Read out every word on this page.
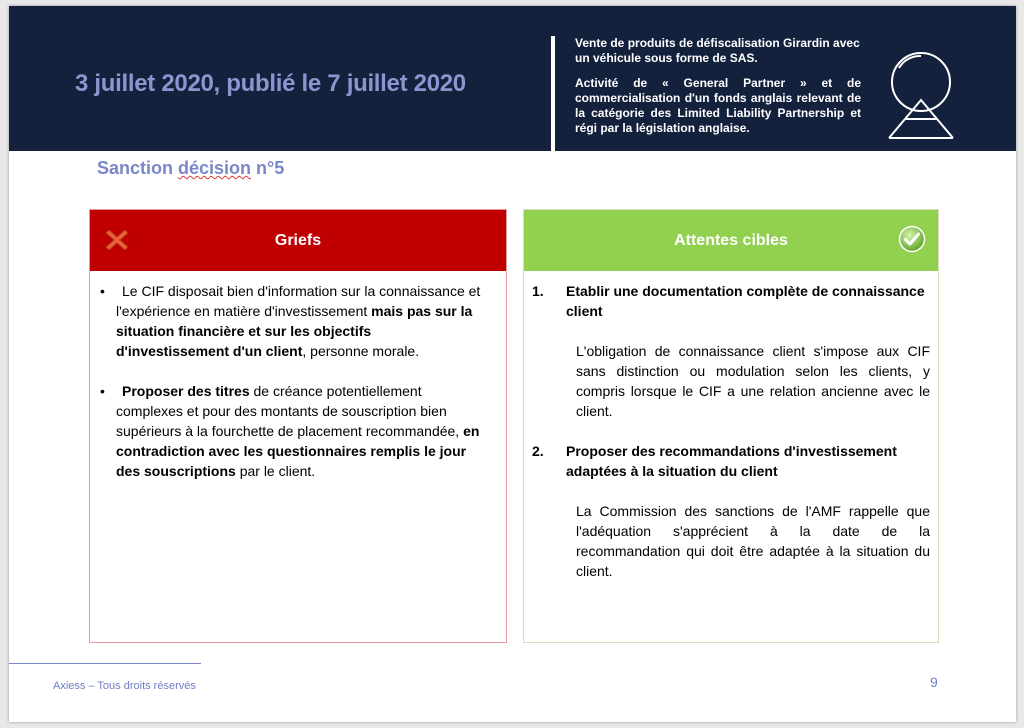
3 juillet 2020, publié le 7 juillet 2020

Vente de produits de défiscalisation Girardin avec un véhicule sous forme de SAS.

Activité de « General Partner » et de commercialisation d'un fonds anglais relevant de la catégorie des Limited Liability Partnership et régi par la législation anglaise.

Sanction décision n°5
Griefs
• Le CIF disposait bien d'information sur la connaissance et l'expérience en matière d'investissement mais pas sur la situation financière et sur les objectifs d'investissement d'un client, personne morale.
• Proposer des titres de créance potentiellement complexes et pour des montants de souscription bien supérieurs à la fourchette de placement recommandée, en contradiction avec les questionnaires remplis le jour des souscriptions par le client.
Attentes cibles
1. Etablir une documentation complète de connaissance client
L'obligation de connaissance client s'impose aux CIF sans distinction ou modulation selon les clients, y compris lorsque le CIF a une relation ancienne avec le client.
2. Proposer des recommandations d'investissement adaptées à la situation du client
La Commission des sanctions de l'AMF rappelle que l'adéquation s'apprécient à la date de la recommandation qui doit être adaptée à la situation du client.
Axiess – Tous droits réservés	9
